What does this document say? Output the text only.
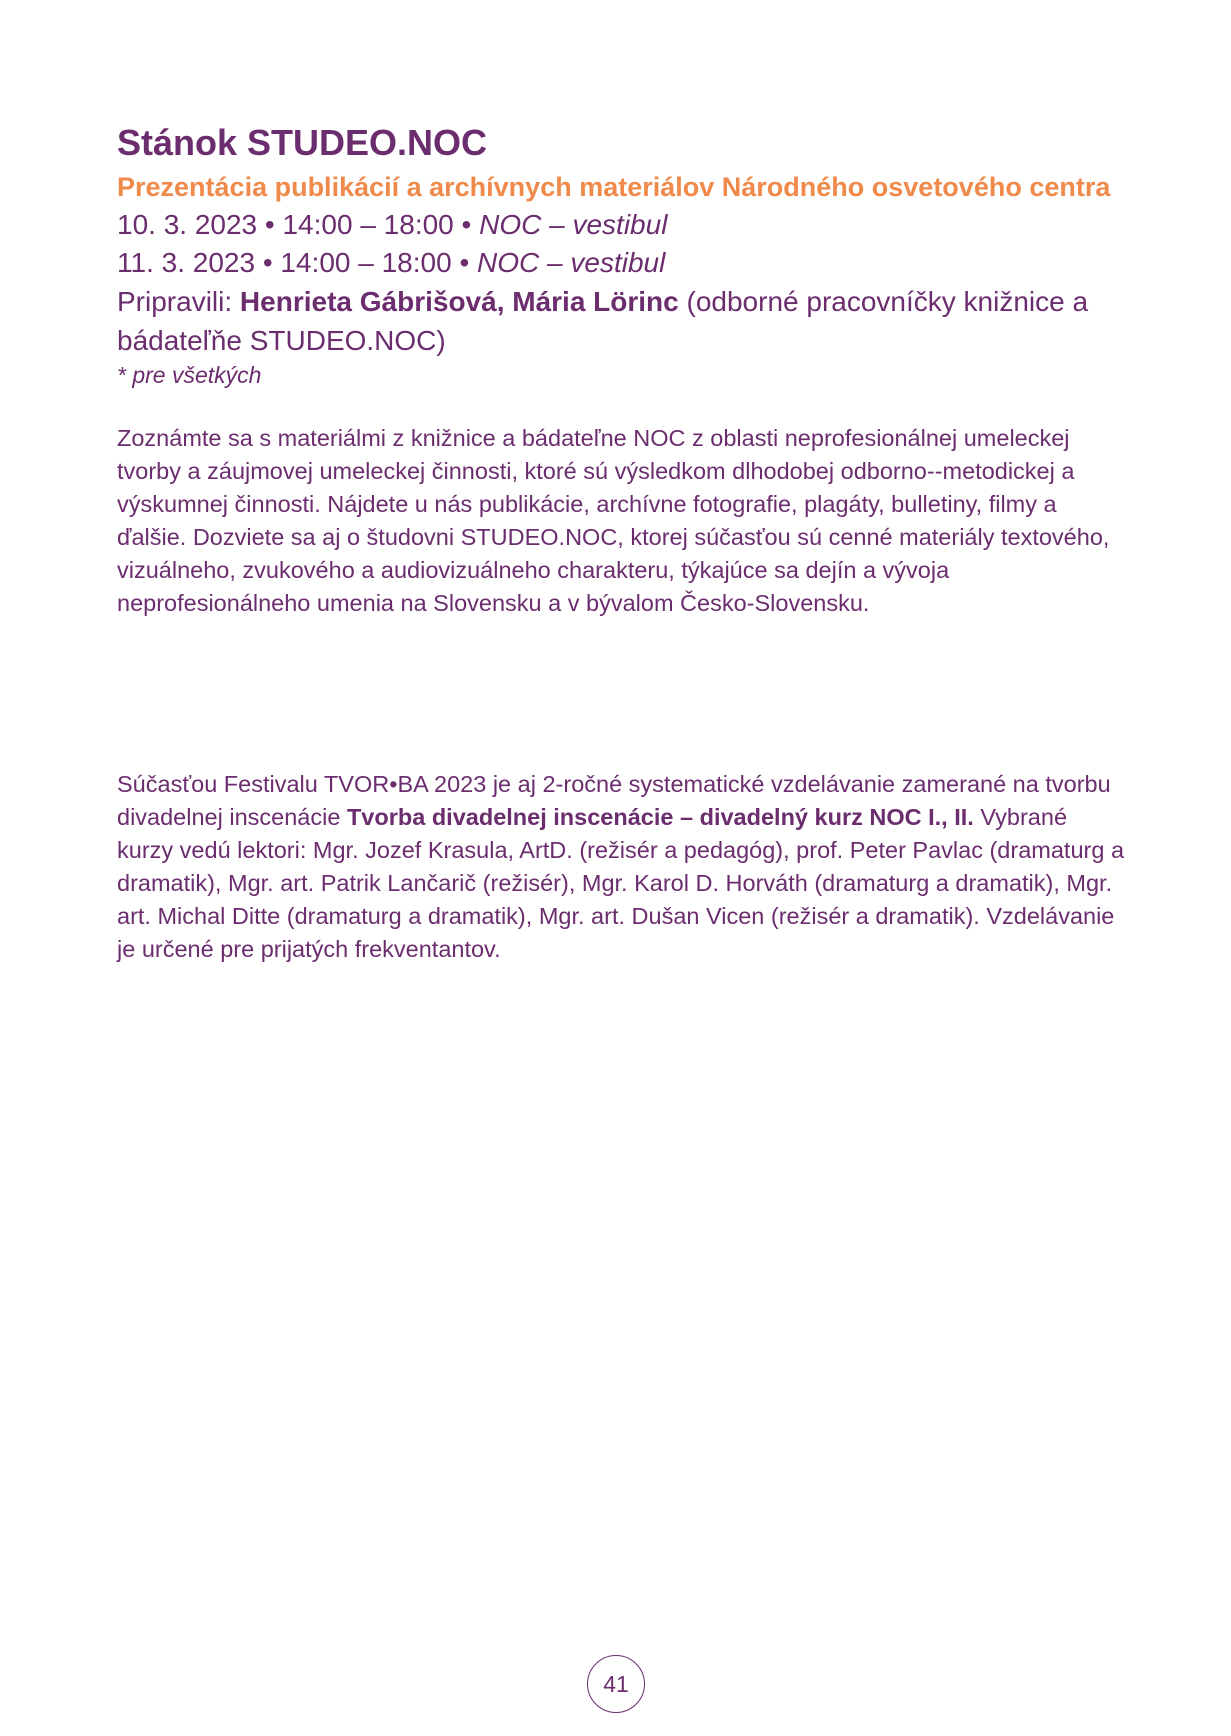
Stánok STUDEO.NOC

Prezentácia publikácií a archívnych materiálov Národného osvetového centra

10. 3. 2023 • 14:00 – 18:00 • NOC – vestibul

11. 3. 2023 • 14:00 – 18:00 • NOC – vestibul

Pripravili: Henrieta Gábrišová, Mária Lörinc (odborné pracovníčky knižnice a bádateľňe STUDEO.NOC)

* pre všetkých

Zoznámte sa s materiálmi z knižnice a bádateľne NOC z oblasti neprofesionálnej umeleckej tvorby a záujmovej umeleckej činnosti, ktoré sú výsledkom dlhodobej odborno--metodickej a výskumnej činnosti. Nájdete u nás publikácie, archívne fotografie, plagáty, bulletiny, filmy a ďalšie. Dozviete sa aj o študovni STUDEO.NOC, ktorej súčasťou sú cenné materiály textového, vizuálneho, zvukového a audiovizuálneho charakteru, týkajúce sa dejín a vývoja neprofesionálneho umenia na Slovensku a v bývalom Česko-Slovensku.

Súčasťou Festivalu TVOR•BA 2023 je aj 2-ročné systematické vzdelávanie zamerané na tvorbu divadelnej inscenácie Tvorba divadelnej inscenácie – divadelný kurz NOC I., II. Vybrané kurzy vedú lektori: Mgr. Jozef Krasula, ArtD. (režisér a pedagóg), prof. Peter Pavlac (dramaturg a dramatik), Mgr. art. Patrik Lančarič (režisér), Mgr. Karol D. Horváth (dramaturg a dramatik), Mgr. art. Michal Ditte (dramaturg a dramatik), Mgr. art. Dušan Vicen (režisér a dramatik). Vzdelávanie je určené pre prijatých frekventantov.

41
